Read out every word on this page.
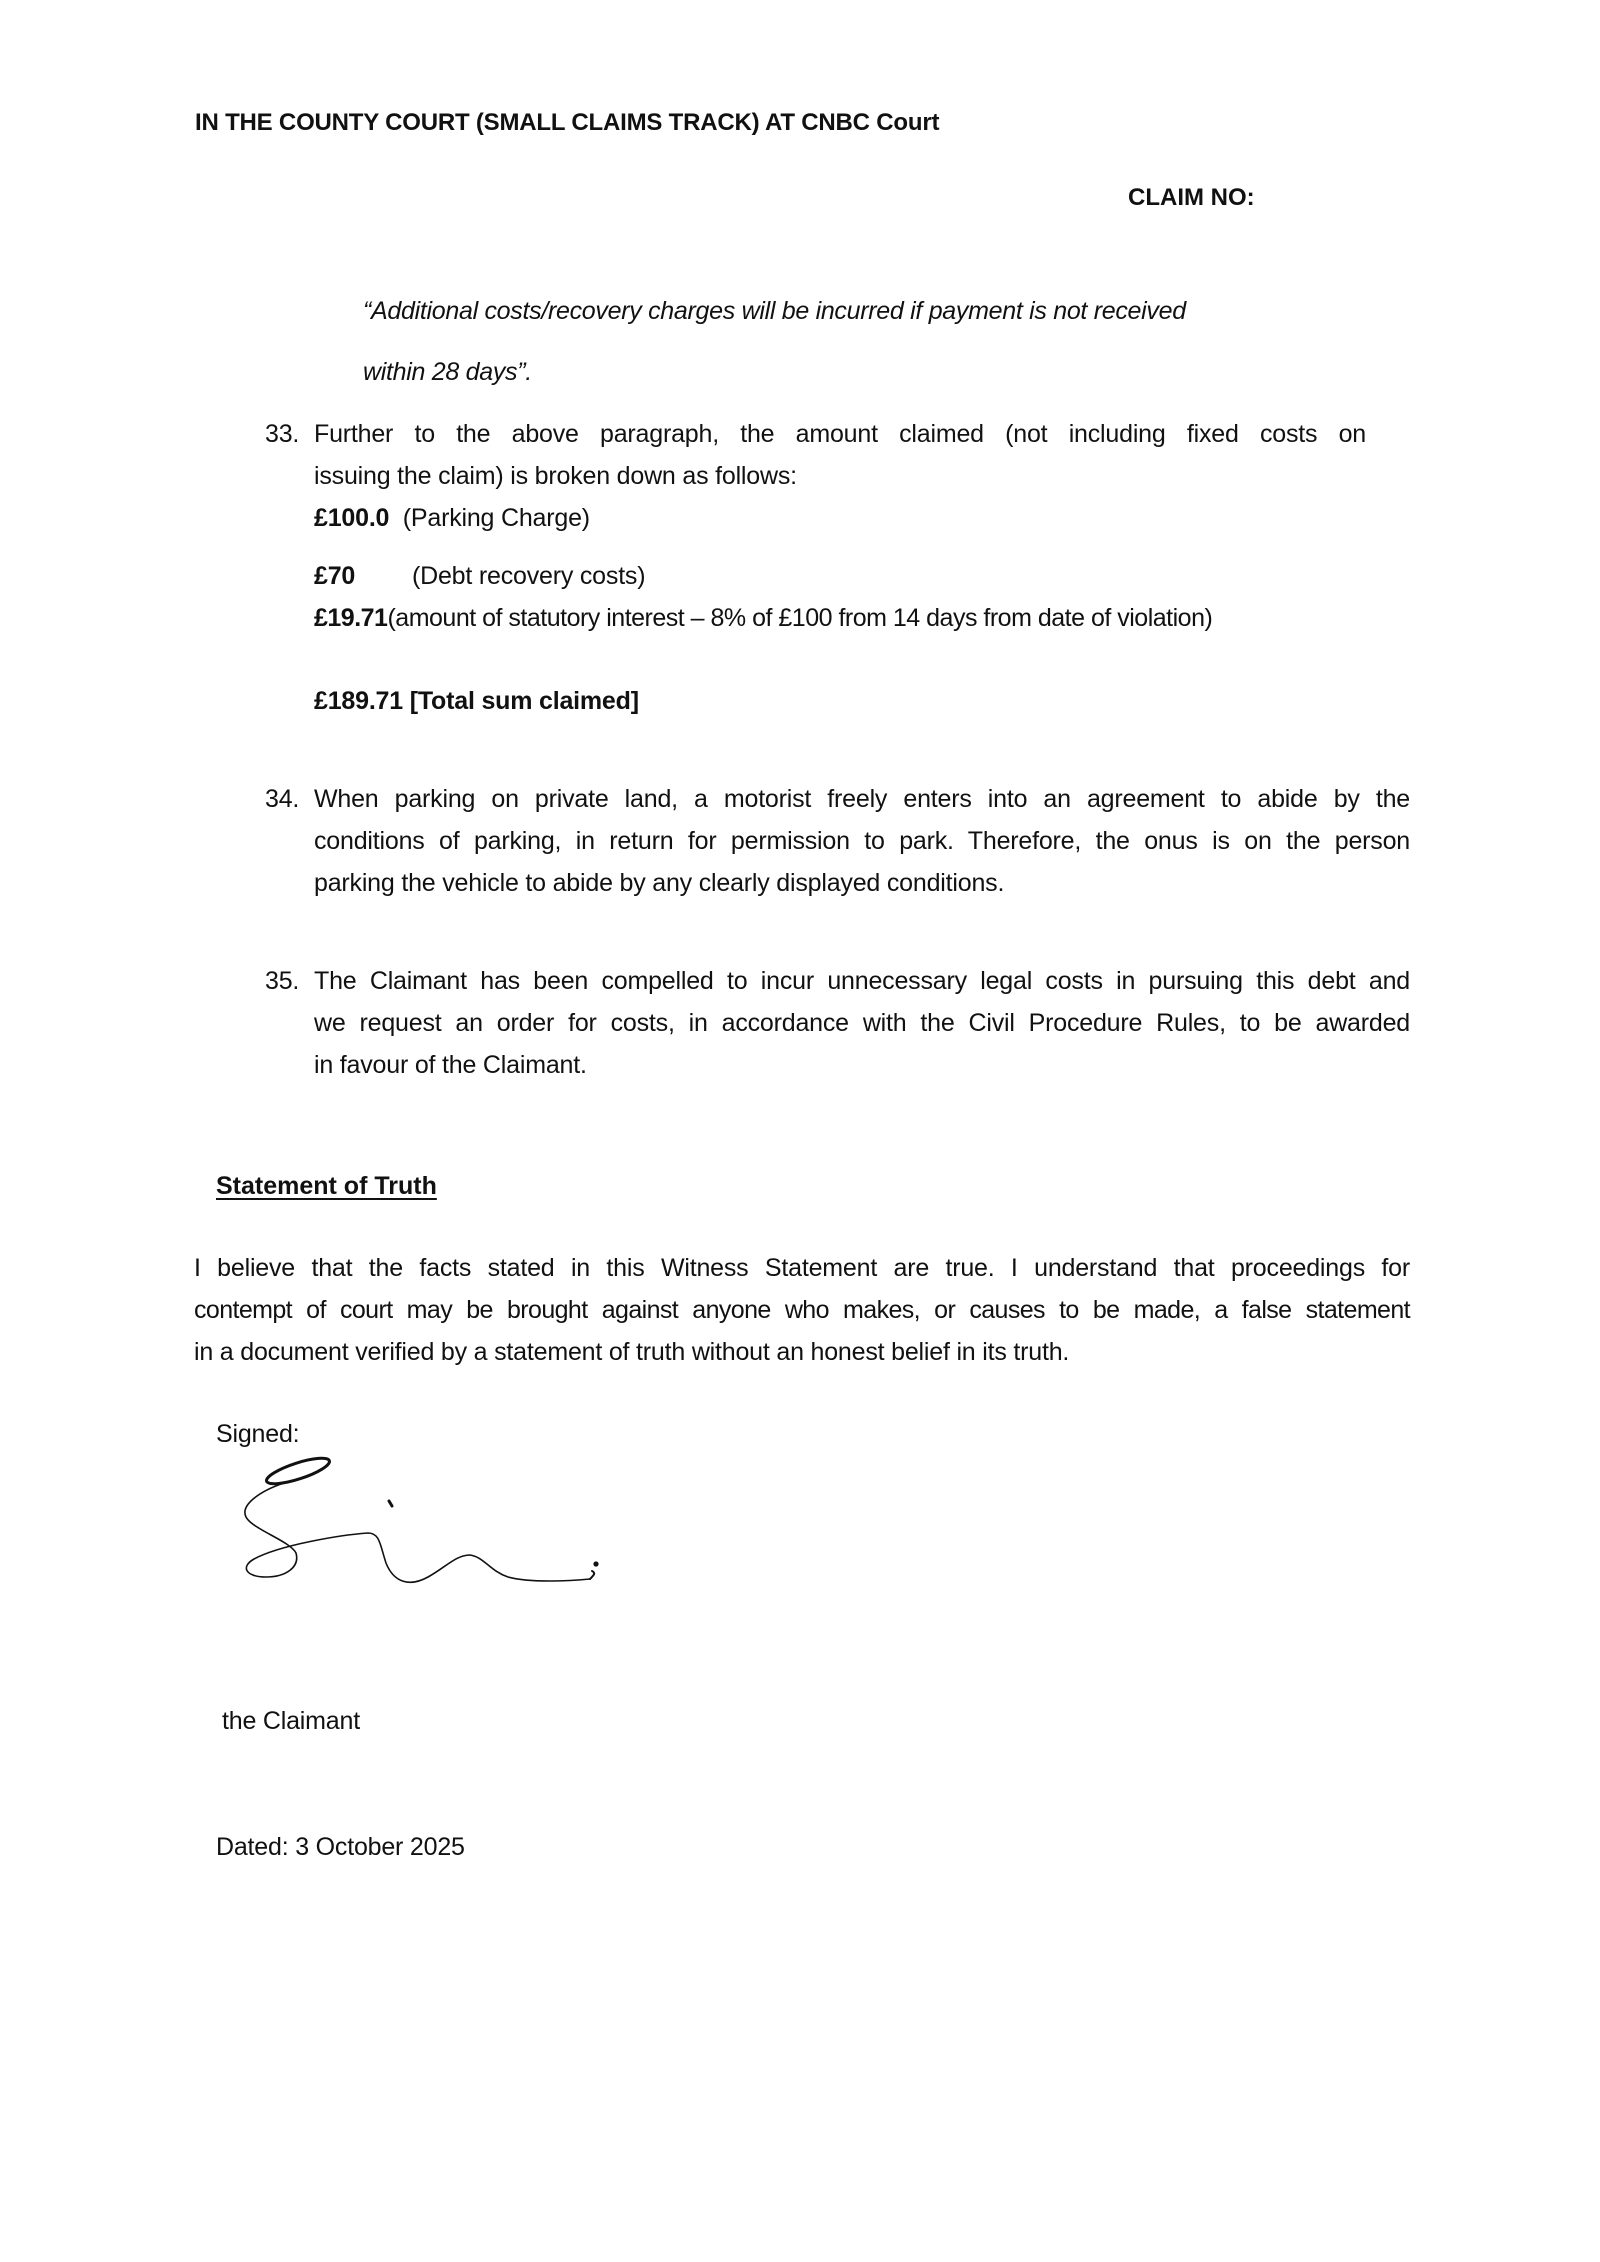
IN THE COUNTY COURT (SMALL CLAIMS TRACK) AT CNBC Court
CLAIM NO:
“Additional costs/recovery charges will be incurred if payment is not received
within 28 days”.
33. Further to the above paragraph, the amount claimed (not including fixed costs on
issuing the claim) is broken down as follows:
£100.0 (Parking Charge)
£70 (Debt recovery costs)
£19.71(amount of statutory interest – 8% of £100 from 14 days from date of violation)
£189.71 [Total sum claimed]
34. When parking on private land, a motorist freely enters into an agreement to abide by the
conditions of parking, in return for permission to park. Therefore, the onus is on the person
parking the vehicle to abide by any clearly displayed conditions.
35. The Claimant has been compelled to incur unnecessary legal costs in pursuing this debt and
we request an order for costs, in accordance with the Civil Procedure Rules, to be awarded
in favour of the Claimant.
Statement of Truth
I believe that the facts stated in this Witness Statement are true. I understand that proceedings for
contempt of court may be brought against anyone who makes, or causes to be made, a false statement
in a document verified by a statement of truth without an honest belief in its truth.
Signed:
the Claimant
Dated: 3 October 2025
